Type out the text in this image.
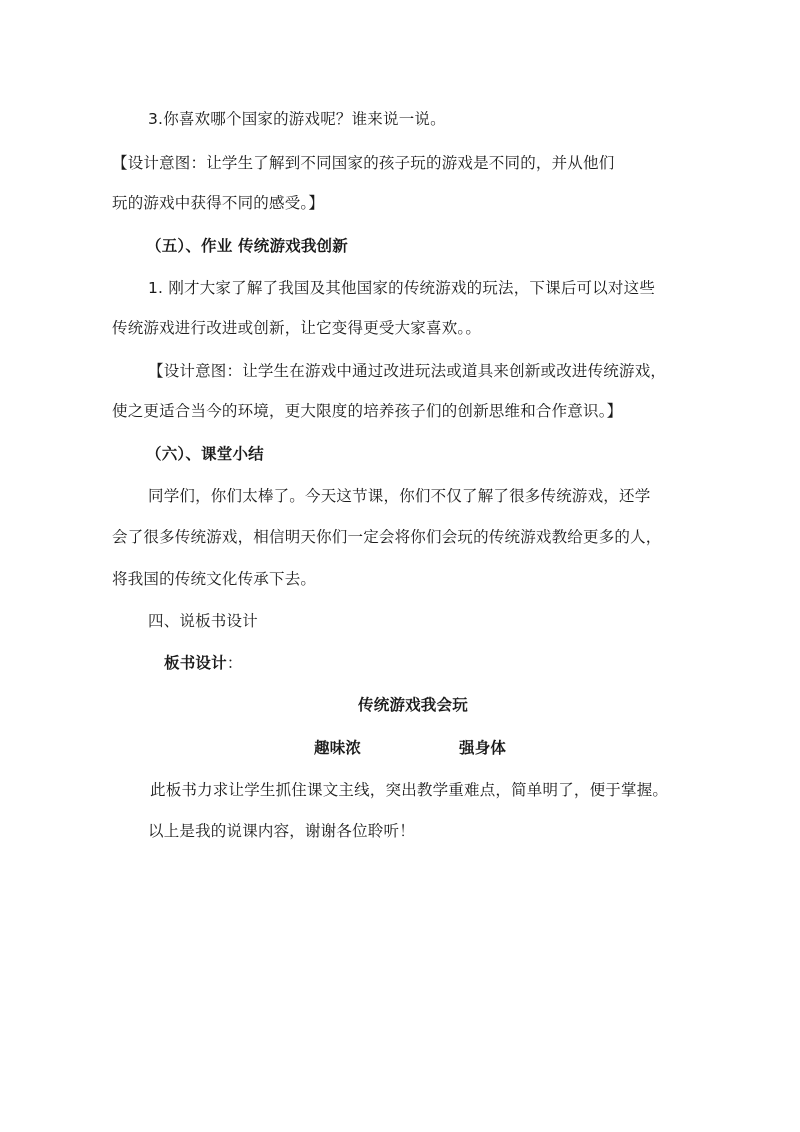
3.你喜欢哪个国家的游戏呢？谁来说一说。
【设计意图：让学生了解到不同国家的孩子玩的游戏是不同的，并从他们
玩的游戏中获得不同的感受。】
（五）、作业 传统游戏我创新
1. 刚才大家了解了我国及其他国家的传统游戏的玩法，下课后可以对这些
传统游戏进行改进或创新，让它变得更受大家喜欢。。
【设计意图：让学生在游戏中通过改进玩法或道具来创新或改进传统游戏，
使之更适合当今的环境，更大限度的培养孩子们的创新思维和合作意识。】
（六）、课堂小结
同学们，你们太棒了。今天这节课，你们不仅了解了很多传统游戏，还学
会了很多传统游戏，相信明天你们一定会将你们会玩的传统游戏教给更多的人，
将我国的传统文化传承下去。
四、说板书设计
板书设计：
传统游戏我会玩
趣味浓	强身体
此板书力求让学生抓住课文主线，突出教学重难点，简单明了，便于掌握。
以上是我的说课内容，谢谢各位聆听！
